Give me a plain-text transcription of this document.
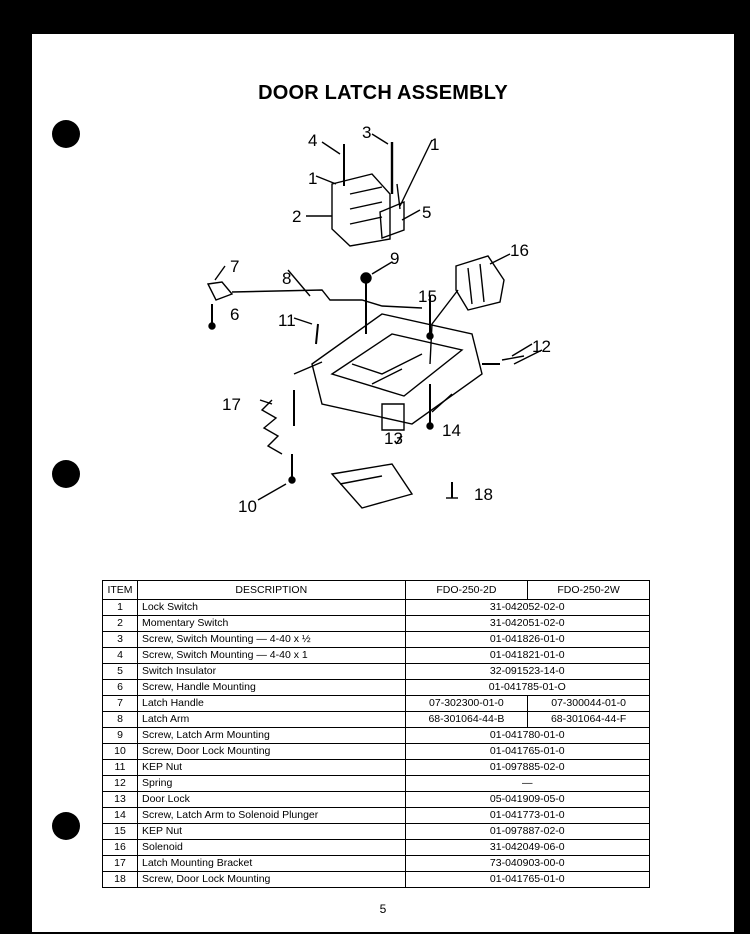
DOOR LATCH ASSEMBLY
4	3
1
1
2	5
7
8
6
9	16
15
11
12
17
13 14
10
18
ITEM	DESCRIPTION	FDO-250-2D	FDO-250-2W
1	Lock Switch	31-042052-02-0	
2	Momentary Switch	31-042051-02-0	
3	Screw, Switch Mounting — 4-40 x ½	01-041826-01-0	
4	Screw, Switch Mounting — 4-40 x 1	01-041821-01-0	
5	Switch Insulator	32-091523-14-0	
6	Screw, Handle Mounting	01-041785-01-O	
7	Latch Handle	07-302300-01-0	07-300044-01-0
8	Latch Arm	68-301064-44-B	68-301064-44-F
9	Screw, Latch Arm Mounting	01-041780-01-0	
10	Screw, Door Lock Mounting	01-041765-01-0	
11	KEP Nut	01-097885-02-0	
12	Spring	—	
13	Door Lock	05-041909-05-0	
14	Screw, Latch Arm to Solenoid Plunger	01-041773-01-0	
15	KEP Nut	01-097887-02-0	
16	Solenoid	31-042049-06-0	
17	Latch Mounting Bracket	73-040903-00-0	
18	Screw, Door Lock Mounting	01-041765-01-0	
5
